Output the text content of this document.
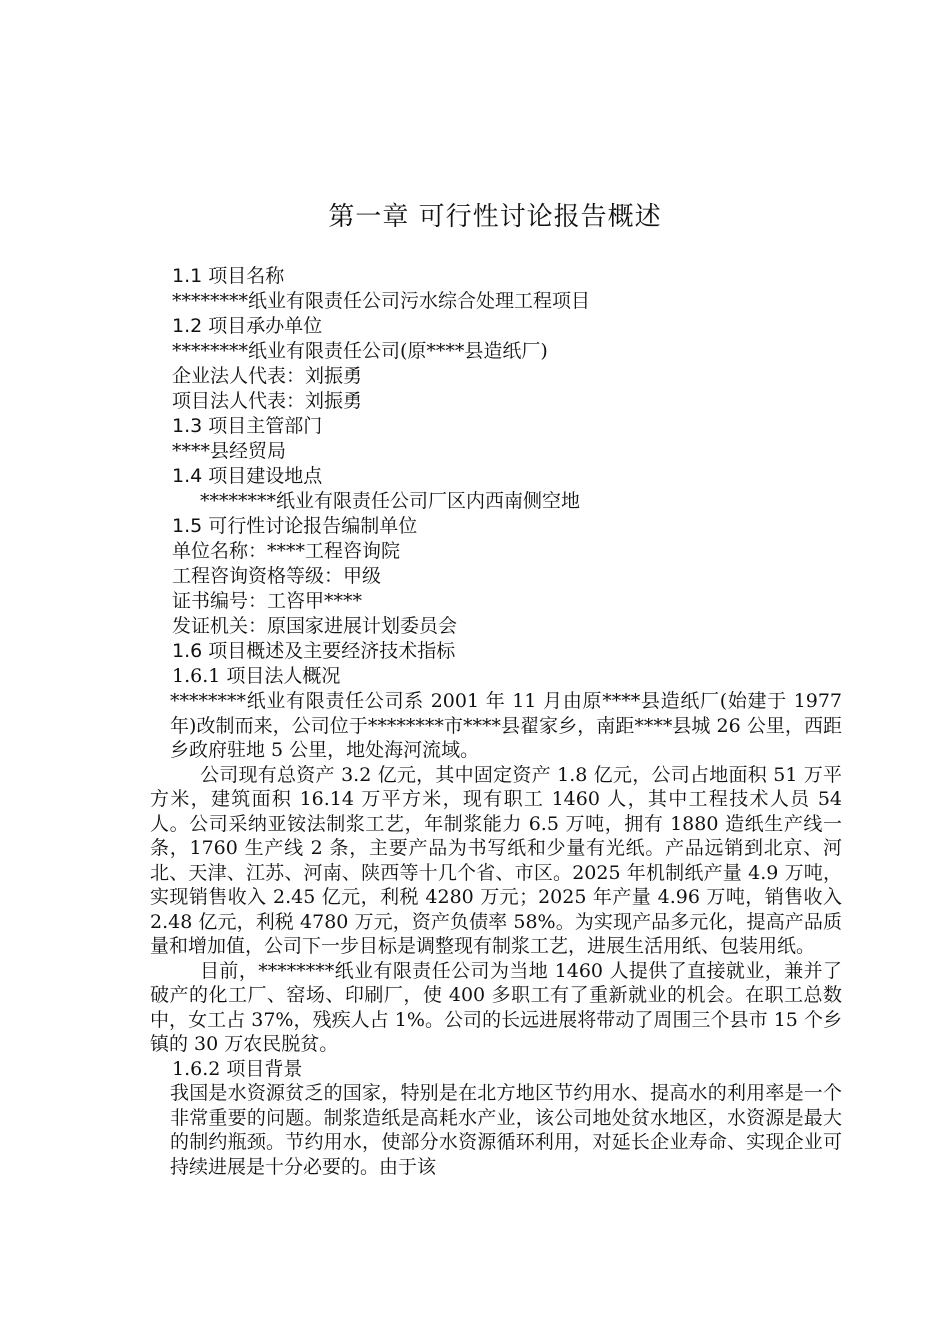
第一章 可行性讨论报告概述
1.1 项目名称
********纸业有限责任公司污水综合处理工程项目
1.2 项目承办单位
********纸业有限责任公司(原****县造纸厂)
企业法人代表：刘振勇
项目法人代表：刘振勇
1.3 项目主管部门
****县经贸局
1.4 项目建设地点
********纸业有限责任公司厂区内西南侧空地
1.5 可行性讨论报告编制单位
单位名称：****工程咨询院
工程咨询资格等级：甲级
证书编号：工咨甲****
发证机关：原国家进展计划委员会
1.6 项目概述及主要经济技术指标
1.6.1 项目法人概况

********纸业有限责任公司系 2001 年 11 月由原****县造纸厂(始建于 1977 年)改制而来，公司位于********市****县翟家乡，南距****县城 26 公里，西距乡政府驻地 5 公里，地处海河流域。

公司现有总资产 3.2 亿元，其中固定资产 1.8 亿元，公司占地面积 51 万平方米，建筑面积 16.14 万平方米，现有职工 1460 人，其中工程技术人员 54 人。公司采纳亚铵法制浆工艺，年制浆能力 6.5 万吨，拥有 1880 造纸生产线一条，1760 生产线 2 条，主要产品为书写纸和少量有光纸。产品远销到北京、河北、天津、江苏、河南、陕西等十几个省、市区。2025 年机制纸产量 4.9 万吨，实现销售收入 2.45 亿元，利税 4280 万元；2025 年产量 4.96 万吨，销售收入 2.48 亿元，利税 4780 万元，资产负债率 58%。为实现产品多元化，提高产品质量和增加值，公司下一步目标是调整现有制浆工艺，进展生活用纸、包装用纸。

目前，********纸业有限责任公司为当地 1460 人提供了直接就业，兼并了破产的化工厂、窑场、印刷厂，使 400 多职工有了重新就业的机会。在职工总数中，女工占 37%，残疾人占 1%。公司的长远进展将带动了周围三个县市 15 个乡镇的 30 万农民脱贫。

1.6.2 项目背景

我国是水资源贫乏的国家，特别是在北方地区节约用水、提高水的利用率是一个非常重要的问题。制浆造纸是高耗水产业，该公司地处贫水地区，水资源是最大的制约瓶颈。节约用水，使部分水资源循环利用，对延长企业寿命、实现企业可持续进展是十分必要的。由于该
